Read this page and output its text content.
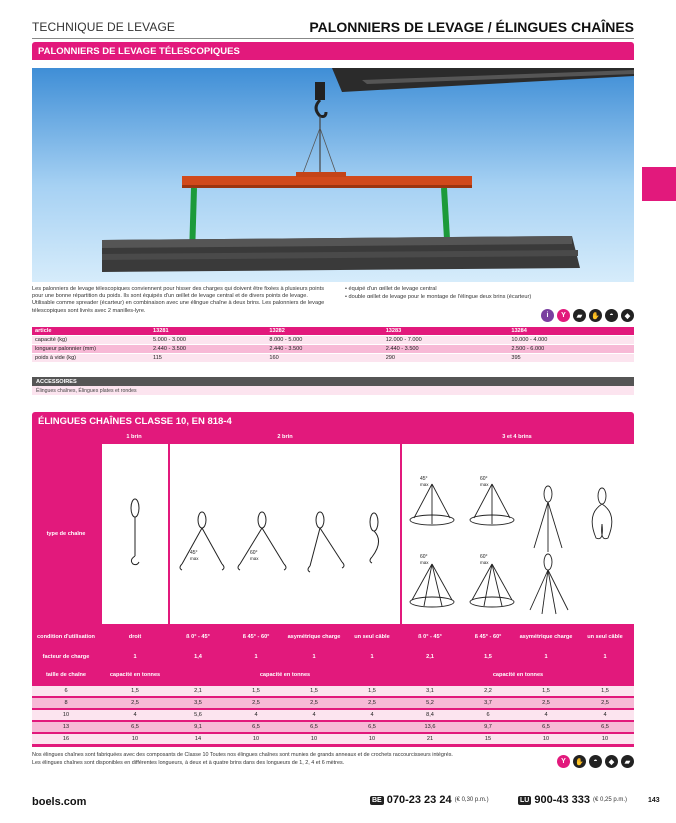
TECHNIQUE DE LEVAGE	PALONNIERS DE LEVAGE / ÉLINGUES CHAÎNES
PALONNIERS DE LEVAGE TÉLESCOPIQUES
Les palonniers de levage télescopiques conviennent pour hisser des charges qui doivent être fixées à plusieurs points pour une bonne répartition du poids. Ils sont équipés d'un œillet de levage central et de divers points de levage. Utilisable comme spreader (écarteur) en combinaison avec une élingue chaîne à deux brins. Les palonniers de levage télescopiques sont livrés avec 2 manilles-lyre.
• équipé d'un œillet de levage central
• double œillet de levage pour le montage de l'élingue deux brins (écarteur)
i	Y	▰	✋	◓	◆
article	13281	13282	13283	13284
capacité (kg)	5.000 - 3.000	8.000 - 5.000	12.000 - 7.000	10.000 - 4.000
longueur palonnier (mm)	2.440 - 3.500	2.440 - 3.500	2.440 - 3.500	2.500 - 6.000
poids à vide (kg)	115	160	290	395
ACCESSOIRES
Élingues chaînes, Élingues plates et rondes
ÉLINGUES CHAÎNES CLASSE 10, EN 818-4
1 brin	2 brin	3 et 4 brins
type de chaîne
45°
max
60°
max
45°
max
60°
max
60°
max
60°
max
condition d'utilisation	droit	ß 0° - 45°	ß 45° - 60°	asymétrique charge	un seul câble	ß 0° - 45°	ß 45° - 60°	asymétrique charge	un seul câble
facteur de charge	1	1,4	1	1	1	2,1	1,5	1	1
taille de chaîne	capacité en tonnes	capacité en tonnes	capacité en tonnes
6	1,5	2,1	1,5	1,5	1,5	3,1	2,2	1,5	1,5
8	2,5	3,5	2,5	2,5	2,5	5,2	3,7	2,5	2,5
10	4	5,6	4	4	4	8,4	6	4	4
13	6,5	9,1	6,5	6,5	6,5	13,6	9,7	6,5	6,5
16	10	14	10	10	10	21	15	10	10
Nos élingues chaînes sont fabriquées avec des composants de Classe 10 Toutes nos élingues chaînes sont munies de grands anneaux et de crochets raccourcisseurs intégrés.
Les élingues chaînes sont disponibles en différentes longueurs, à deux et à quatre brins dans des longueurs de 1, 2, 4 et 6 mètres.	Y	✋	◓	◆	▰
boels.com	BE 070-23 23 24 (€ 0,30 p.m.)	LU 900-43 333 (€ 0,25 p.m.)	143
